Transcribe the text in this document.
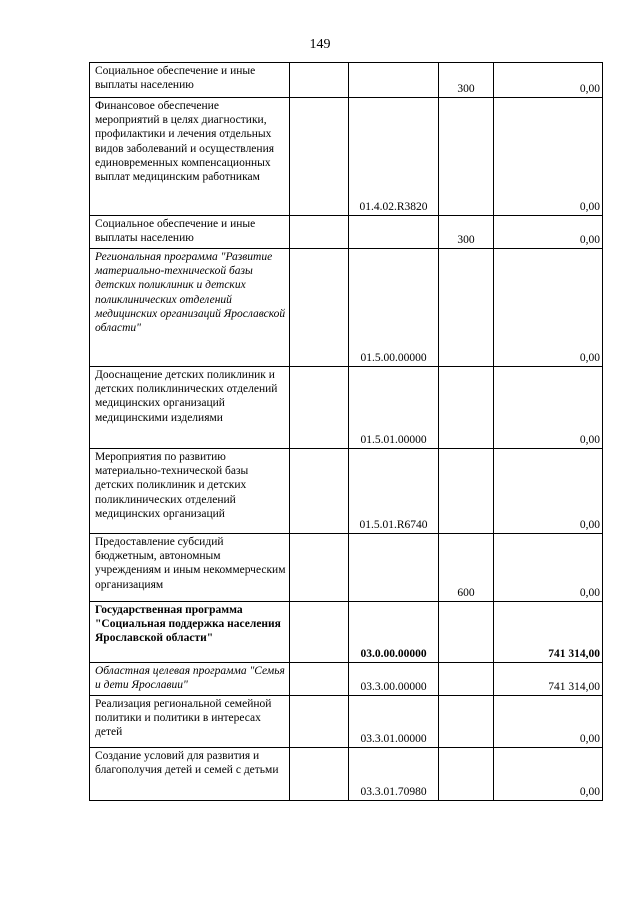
149
Социальное обеспечение и иные выплаты населению			300	0,00
Финансовое обеспечение мероприятий в целях диагностики, профилактики и лечения отдельных видов заболеваний и осуществления единовременных компенсационных выплат медицинским работникам		01.4.02.R3820		0,00
Социальное обеспечение и иные выплаты населению			300	0,00
Региональная программа "Развитие материально-технической базы детских поликлиник и детских поликлинических отделений медицинских организаций Ярославской области"		01.5.00.00000		0,00
Дооснащение детских поликлиник и детских поликлинических отделений медицинских организаций медицинскими изделиями		01.5.01.00000		0,00
Мероприятия по развитию материально-технической базы детских поликлиник и детских поликлинических отделений медицинских организаций		01.5.01.R6740		0,00
Предоставление субсидий бюджетным, автономным учреждениям и иным некоммерческим организациям			600	0,00
Государственная программа "Социальная поддержка населения Ярославской области"		03.0.00.00000		741 314,00
Областная целевая программа "Семья и дети Ярославии"		03.3.00.00000		741 314,00
Реализация региональной семейной политики и политики в интересах детей		03.3.01.00000		0,00
Создание условий для развития и благополучия детей и семей с детьми		03.3.01.70980		0,00
